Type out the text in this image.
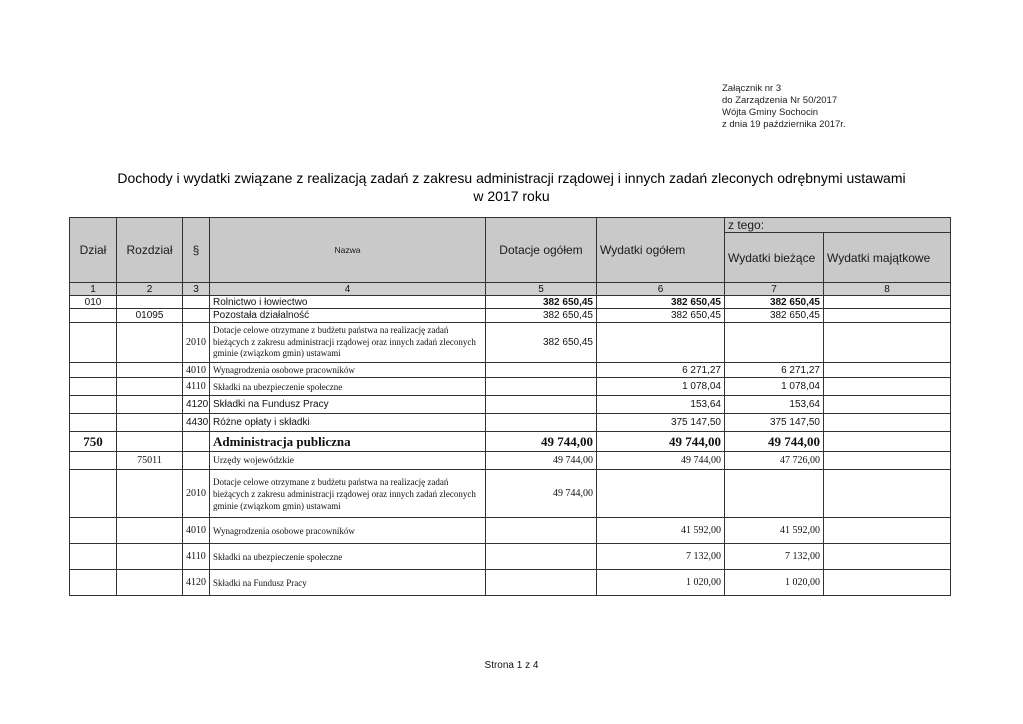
Załącznik nr 3
do Zarządzenia Nr 50/2017
Wójta Gminy Sochocin
z dnia 19 października 2017r.
Dochody i wydatki związane z realizacją zadań z zakresu administracji rządowej i innych zadań zleconych odrębnymi ustawami
w 2017 roku
Dział	Rozdział	§	Nazwa	Dotacje ogółem	Wydatki ogółem	z tego:	
						Wydatki bieżące	Wydatki majątkowe
1	2	3	4	5	6	7	8
010			Rolnictwo i łowiectwo	382 650,45	382 650,45	382 650,45	
	01095		Pozostała działalność	382 650,45	382 650,45	382 650,45	
		2010	Dotacje celowe otrzymane z budżetu państwa na realizację zadań bieżących z zakresu administracji rządowej oraz innych zadań zleconych gminie (związkom gmin) ustawami	382 650,45			
		4010	Wynagrodzenia osobowe pracowników		6 271,27	6 271,27	
		4110	Składki na ubezpieczenie społeczne		1 078,04	1 078,04	
		4120	Składki na Fundusz Pracy		153,64	153,64	
		4430	Różne opłaty i składki		375 147,50	375 147,50	
750			Administracja publiczna	49 744,00	49 744,00	49 744,00	
	75011		Urzędy wojewódzkie	49 744,00	49 744,00	47 726,00	
		2010	Dotacje celowe otrzymane z budżetu państwa na realizację zadań bieżących z zakresu administracji rządowej oraz innych zadań zleconych gminie (związkom gmin) ustawami	49 744,00			
		4010	Wynagrodzenia osobowe pracowników		41 592,00	41 592,00	
		4110	Składki na ubezpieczenie społeczne		7 132,00	7 132,00	
		4120	Składki na Fundusz Pracy		1 020,00	1 020,00	
Strona 1 z 4
